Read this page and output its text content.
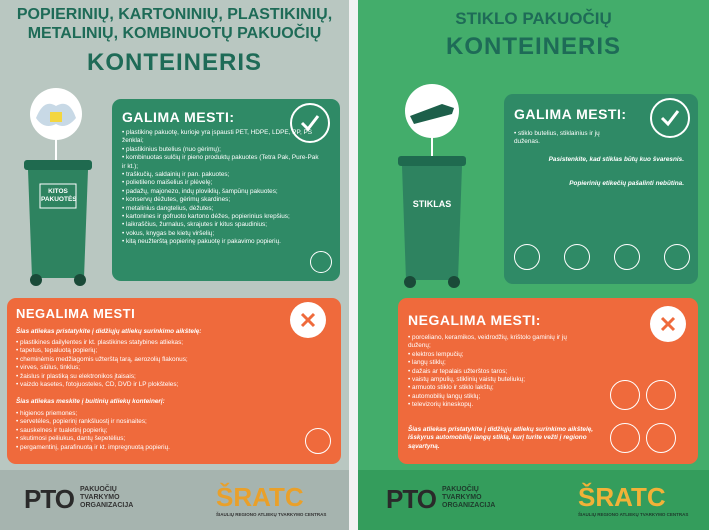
POPIERINIŲ, KARTONINIŲ, PLASTIKINIŲ,
METALINIŲ, KOMBINUOTŲ PAKUOČIŲ
KONTEINERIS
KITOS PAKUOTĖS
GALIMA MESTI:
• plastikinę pakuotę, kurioje yra įspausti PET, HDPE, LDPE, PP, PS ženklai;
• plastikinius butelius (nuo gėrimų);
• kombinuotas sulčių ir pieno produktų pakuotes (Tetra Pak, Pure-Pak ir kt.);
• traškučių, saldainių ir pan. pakuotes;
• polietileno maišelius ir plėvelę;
• padažų, majonezo, indų ploviklių, šampūnų pakuotes;
• konservų dėžutes, gėrimų skardines;
• metalinius dangtelius, dėžutes;
• kartonines ir gofruoto kartono dėžes, popierinius krepšius;
• laikraščius, žurnalus, skrajutes ir kitus spaudinius;
• vokus, knygas be kietų viršelių;
• kitą neužterštą popierinę pakuotę ir pakavimo popierių.
NEGALIMA MESTI
Šias atliekas pristatykite į didžiųjų atliekų surinkimo aikštelę:
• plastikines dailylentes ir kt. plastikines statybines atliekas;
• tapetus, tepaluotą popierių;
• cheminėmis medžiagomis užterštą tarą, aerozolių flakonus;
• virves, siūlus, tinklus;
• žaislus ir plastiką su elektronikos įtaisais;
• vaizdo kasetes, fotojuosteles, CD, DVD ir LP plokšteles;
Šias atliekas meskite į buitinių atliekų konteinerį:
• higienos priemones;
• servetėles, popierinį rankšluostį ir nosinaites;
• sauskelnes ir tualetinį popierių;
• skutimosi peiliukus, dantų šepetėlius;
• pergamentinį, parafinuotą ir kt. impregnuotą popierių.
PTO PAKUOČIŲ
TVARKYMO
ORGANIZACIJA	ŠRATC
ŠIAULIŲ REGIONO ATLIEKŲ TVARKYMO CENTRAS
STIKLO PAKUOČIŲ
KONTEINERIS
STIKLAS
GALIMA MESTI:
• stiklo butelius, stiklainius ir jų duženas.
Pasistenkite, kad stiklas būtų kuo švaresnis.
Popierinių etikečių pašalinti nebūtina.
NEGALIMA MESTI:
• porceliano, keramikos, veidrodžių, krištolo gaminių ir jų duženų;
• elektros lempučių;
• langų stiklų;
• dažais ar tepalais užterštos taros;
• vaistų ampulių, stiklinių vaistų buteliukų;
• armuoto stiklo ir stiklo lakštų;
• automobilių langų stiklų;
• televizorių kineskopų.
Šias atliekas pristatykite į didžiųjų atliekų surinkimo aikštelę, išskyrus automobilių langų stiklą, kurį turite vežti į regiono sąvartyną.
PTO PAKUOČIŲ
TVARKYMO
ORGANIZACIJA	ŠRATC
ŠIAULIŲ REGIONO ATLIEKŲ TVARKYMO CENTRAS
